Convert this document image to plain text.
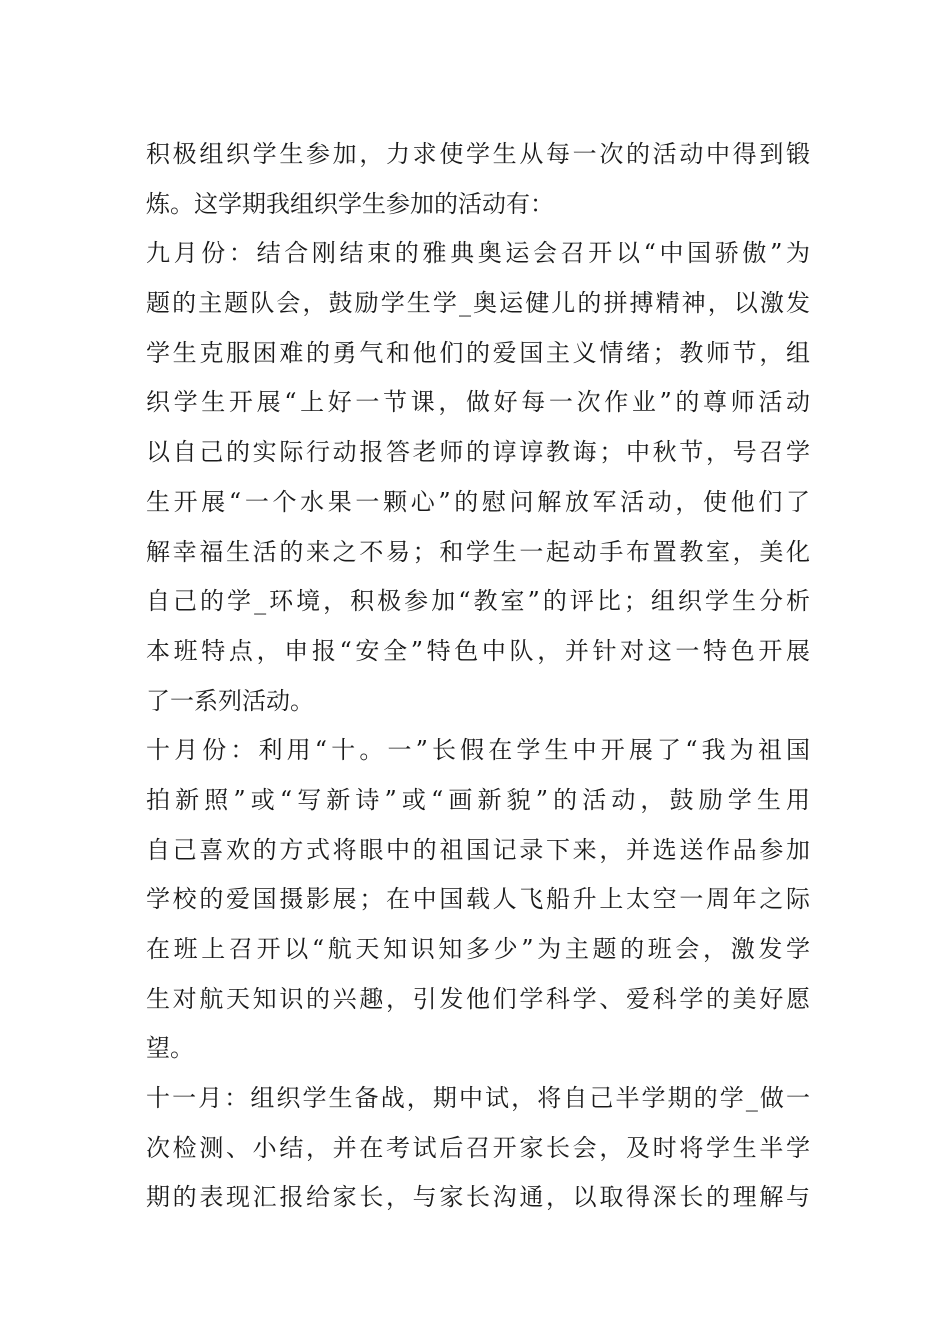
积极组织学生参加，力求使学生从每一次的活动中得到锻
炼。这学期我组织学生参加的活动有：
九月份：结合刚结束的雅典奥运会召开以“中国骄傲”为
题的主题队会，鼓励学生学_奥运健儿的拼搏精神，以激发
学生克服困难的勇气和他们的爱国主义情绪；教师节，组
织学生开展“上好一节课，做好每一次作业”的尊师活动
以自己的实际行动报答老师的谆谆教诲；中秋节，号召学
生开展“一个水果一颗心”的慰问解放军活动，使他们了
解幸福生活的来之不易；和学生一起动手布置教室，美化
自己的学_环境，积极参加“教室”的评比；组织学生分析
本班特点，申报“安全”特色中队，并针对这一特色开展
了一系列活动。
十月份：利用“十。一”长假在学生中开展了“我为祖国
拍新照”或“写新诗”或“画新貌”的活动，鼓励学生用
自己喜欢的方式将眼中的祖国记录下来，并选送作品参加
学校的爱国摄影展；在中国载人飞船升上太空一周年之际
在班上召开以“航天知识知多少”为主题的班会，激发学
生对航天知识的兴趣，引发他们学科学、爱科学的美好愿
望。
十一月：组织学生备战，期中试，将自己半学期的学_做一
次检测、小结，并在考试后召开家长会，及时将学生半学
期的表现汇报给家长，与家长沟通，以取得深长的理解与
